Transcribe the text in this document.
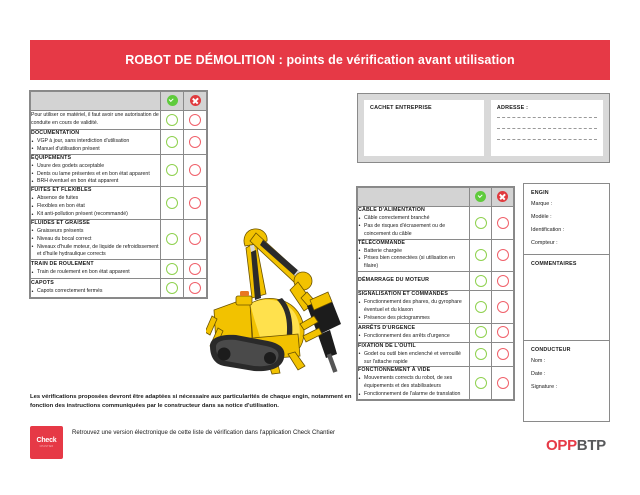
ROBOT DE DÉMOLITION : points de vérification avant utilisation

Pour utiliser ce matériel, il faut avoir une autorisation de conduite en cours de validité.		

DOCUMENTATION
• VGP à jour, sans interdiction d'utilisation
• Manuel d'utilisation présent

ÉQUIPEMENTS
• Usure des godets acceptable
• Dents ou lame présentes et en bon état apparent
• BRH éventuel en bon état apparent

FUITES ET FLEXIBLES
• Absence de fuites
• Flexibles en bon état
• Kit anti-pollution présent (recommandé)

FLUIDES ET GRAISSE
• Graisseurs présents
• Niveau du bocal correct
• Niveaux d'huile moteur, de liquide de refroidissement et d'huile hydraulique corrects

TRAIN DE ROULEMENT
• Train de roulement en bon état apparent

CAPOTS
• Capots correctement fermés

CÂBLE D'ALIMENTATION
• Câble correctement branché
• Pas de risques d'écrasement ou de coincement du câble

TÉLÉCOMMANDE
• Batterie chargée
• Prises bien connectées (si utilisation en filaire)

DÉMARRAGE DU MOTEUR		

SIGNALISATION ET COMMANDES
• Fonctionnement des phares, du gyrophare éventuel et du klaxon
• Présence des pictogrammes

ARRÊTS D'URGENCE
• Fonctionnement des arrêts d'urgence

FIXATION DE L'OUTIL
• Godet ou outil bien enclenché et verrouillé sur l'attache rapide

FONCTIONNEMENT À VIDE
• Mouvements corrects du robot, de ses équipements et des stabilisateurs
• Fonctionnement de l'alarme de translation

CACHET ENTREPRISE	ADRESSE :
ENGIN
Marque :
Modèle :
Identification :
Compteur :
COMMENTAIRES
CONDUCTEUR
Nom :
Date :
Signature :

Les vérifications proposées devront être adaptées si nécessaire aux particularités de chaque engin, notamment en fonction des instructions communiquées par le constructeur dans sa notice d'utilisation.

Check
CHANTIER

Retrouvez une version électronique de cette liste de vérification dans l'application Check Chantier

OPPBTP
